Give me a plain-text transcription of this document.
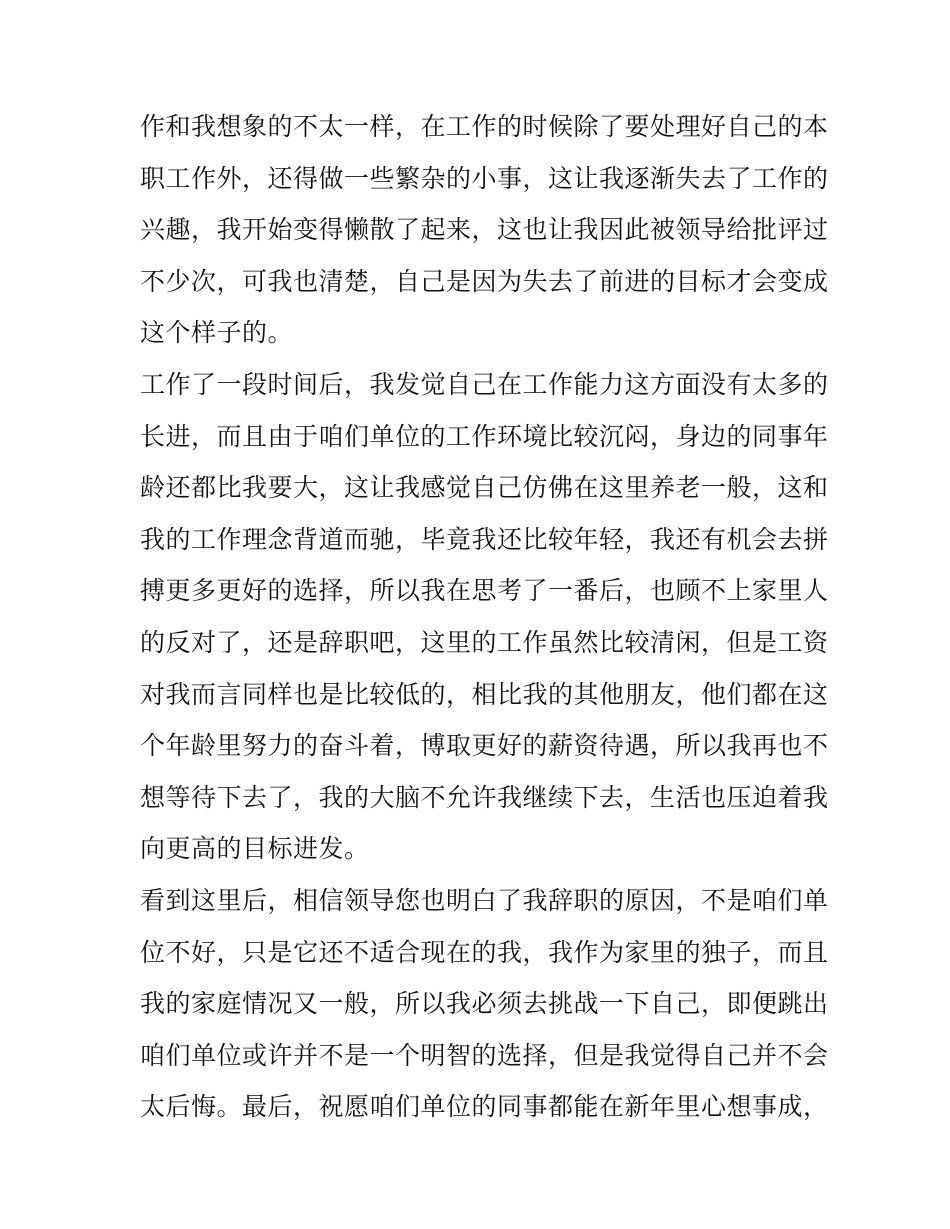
作和我想象的不太一样，在工作的时候除了要处理好自己的本
职工作外，还得做一些繁杂的小事，这让我逐渐失去了工作的
兴趣，我开始变得懒散了起来，这也让我因此被领导给批评过
不少次，可我也清楚，自己是因为失去了前进的目标才会变成
这个样子的。
工作了一段时间后，我发觉自己在工作能力这方面没有太多的
长进，而且由于咱们单位的工作环境比较沉闷，身边的同事年
龄还都比我要大，这让我感觉自己仿佛在这里养老一般，这和
我的工作理念背道而驰，毕竟我还比较年轻，我还有机会去拼
搏更多更好的选择，所以我在思考了一番后，也顾不上家里人
的反对了，还是辞职吧，这里的工作虽然比较清闲，但是工资
对我而言同样也是比较低的，相比我的其他朋友，他们都在这
个年龄里努力的奋斗着，博取更好的薪资待遇，所以我再也不
想等待下去了，我的大脑不允许我继续下去，生活也压迫着我
向更高的目标进发。
看到这里后，相信领导您也明白了我辞职的原因，不是咱们单
位不好，只是它还不适合现在的我，我作为家里的独子，而且
我的家庭情况又一般，所以我必须去挑战一下自己，即便跳出
咱们单位或许并不是一个明智的选择，但是我觉得自己并不会
太后悔。最后，祝愿咱们单位的同事都能在新年里心想事成，
